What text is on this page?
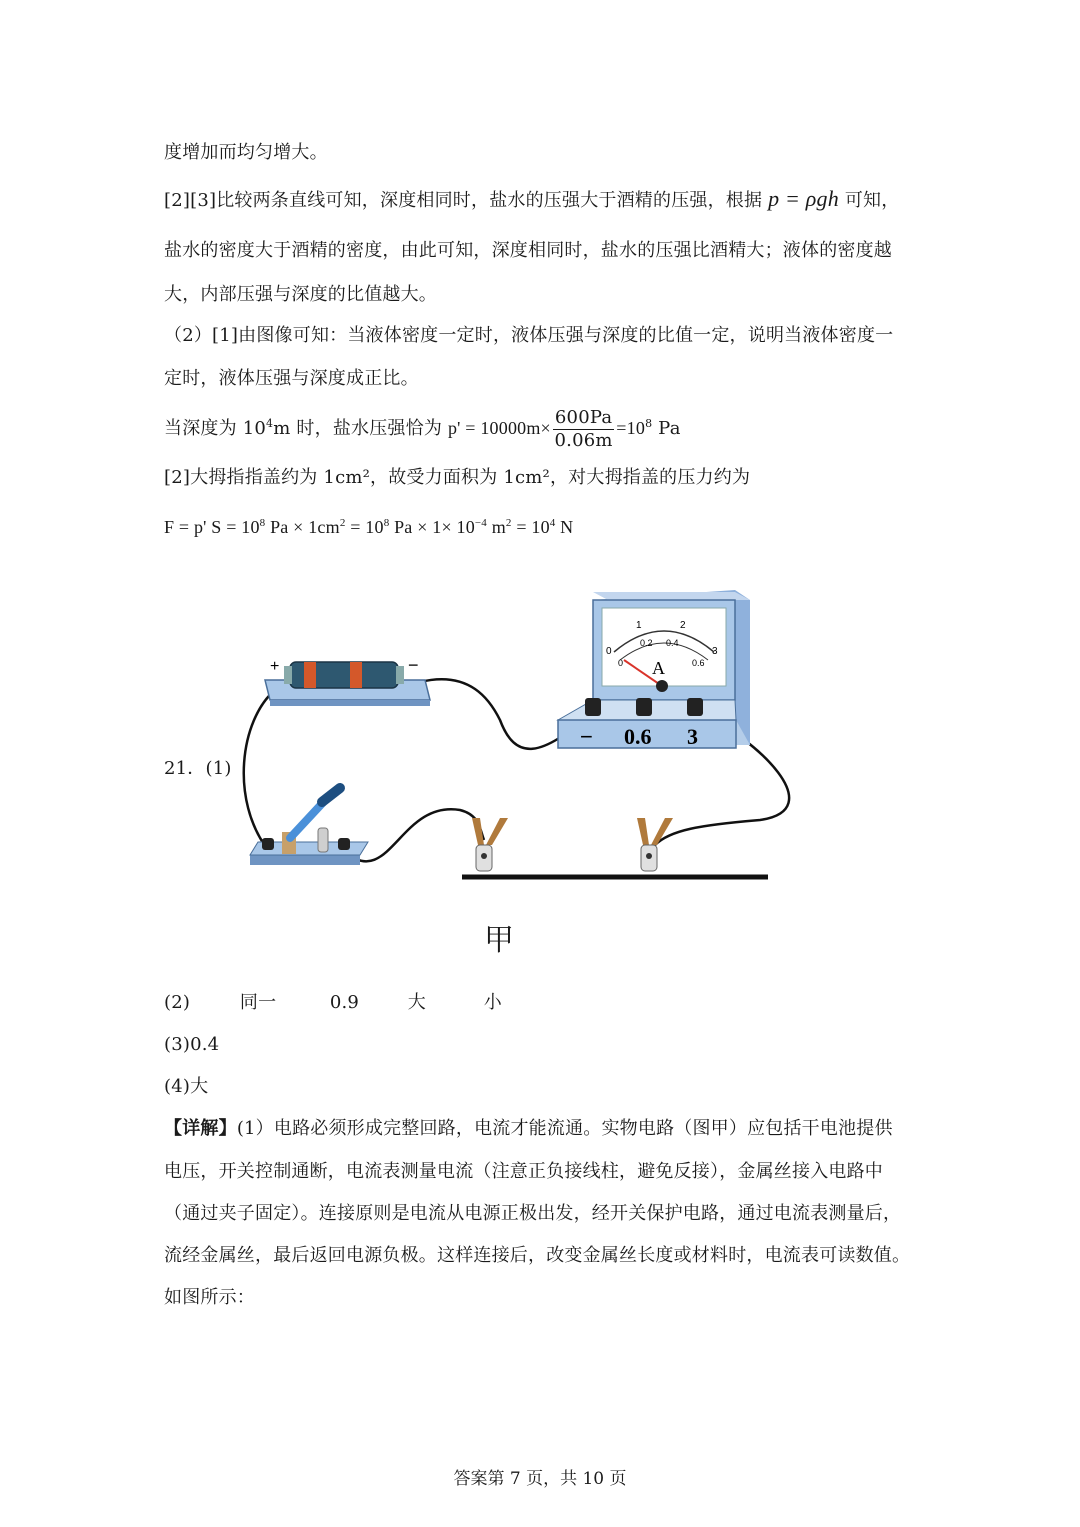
度增加而均匀增大。
[2][3]比较两条直线可知，深度相同时，盐水的压强大于酒精的压强，根据 p = ρgh 可知，
盐水的密度大于酒精的密度，由此可知，深度相同时，盐水的压强比酒精大；液体的密度越
大，内部压强与深度的比值越大。
（2）[1]由图像可知：当液体密度一定时，液体压强与深度的比值一定，说明当液体密度一
定时，液体压强与深度成正比。
当深度为 $10^4m$ 时，盐水压强恰为 $p' = 10000m\times \frac{600Pa}{0.06m} =10^8$ Pa
[2]大拇指指盖约为 1cm²，故受力面积为 1cm²，对大拇指盖的压力约为
F = p' $S = 10^8$ $Pa \times 1cm^2 = 10^8$ $Pa \times 1\times 10^{-4}$ $m^2 = 10^4$ N
21．(1)
+	−
0
1	2
3
0
0.2 0.4
0.6
A
− 0.6 3
甲
(2)	同一	0.9	大	小
(3)0.4
(4)大
【详解】(1）电路必须形成完整回路，电流才能流通。实物电路（图甲）应包括干电池提供
电压，开关控制通断，电流表测量电流（注意正负接线柱，避免反接），金属丝接入电路中
（通过夹子固定）。连接原则是电流从电源正极出发，经开关保护电路，通过电流表测量后，
流经金属丝，最后返回电源负极。这样连接后，改变金属丝长度或材料时，电流表可读数值。
如图所示：
答案第 7 页，共 10 页
